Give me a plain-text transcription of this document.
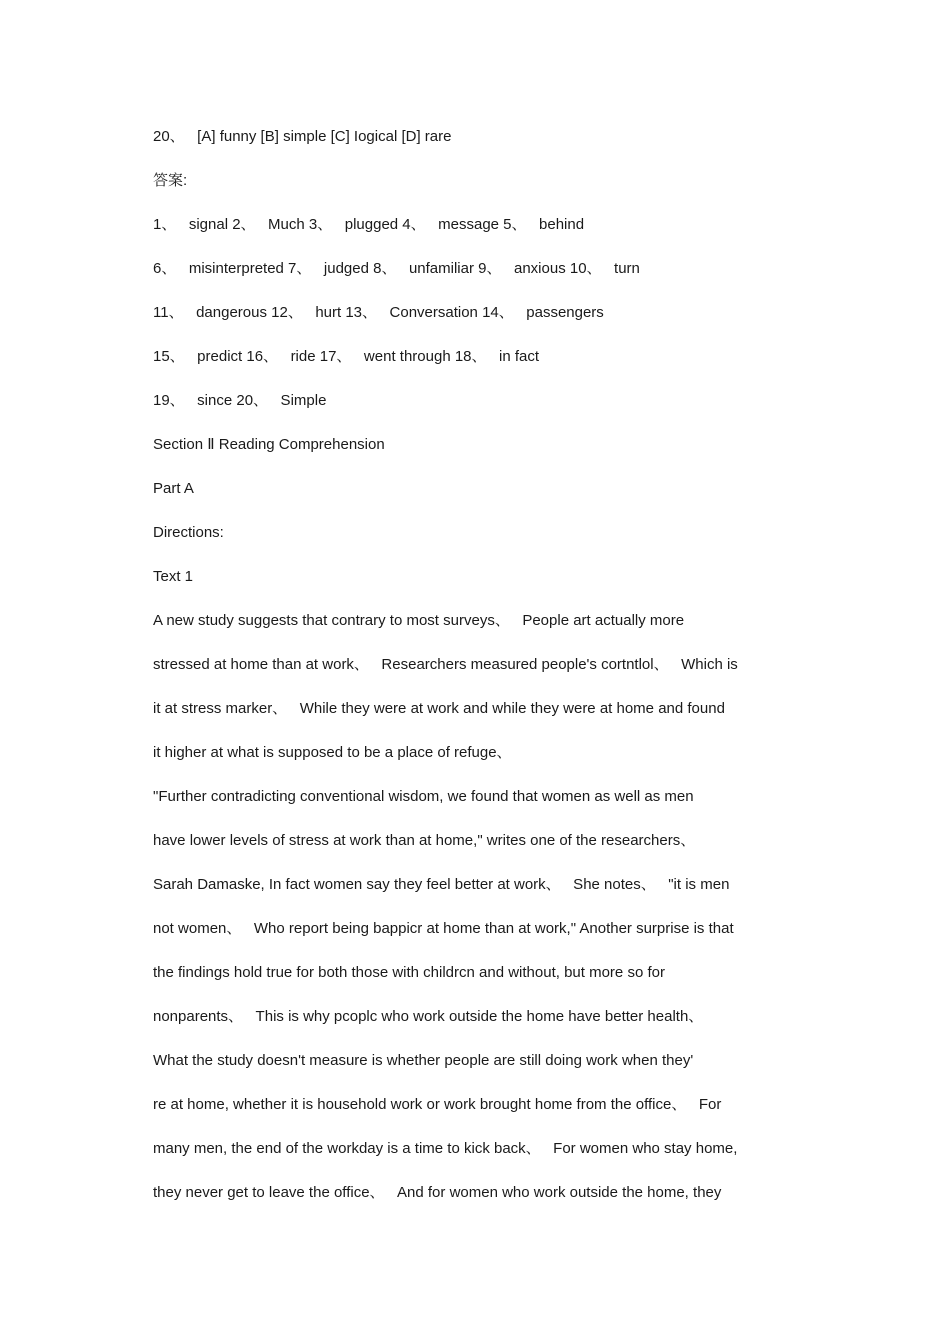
20、   [A] funny [B] simple [C] Iogical [D] rare
答案:
1、   signal 2、   Much 3、   plugged 4、   message 5、   behind
6、   misinterpreted 7、   judged 8、   unfamiliar 9、   anxious 10、   turn
11、   dangerous 12、   hurt 13、   Conversation 14、   passengers
15、   predict 16、   ride 17、   went through 18、   in fact
19、   since 20、   Simple
Section Ⅱ Reading Comprehension
Part A
Directions:
Text 1
A new study suggests that contrary to most surveys、   People art actually more
stressed at home than at work、   Researchers measured people's cortntlol、   Which is
it at stress marker、   While they were at work and while they were at home and found
it higher at what is supposed to be a place of refuge、
"Further contradicting conventional wisdom, we found that women as well as men
have lower levels of stress at work than at home," writes one of the researchers、
Sarah Damaske, In fact women say they feel better at work、   She notes、   "it is men
not women、   Who report being bappicr at home than at work," Another surprise is that
the findings hold true for both those with childrcn and without, but more so for
nonparents、   This is why pcoplc who work outside the home have better health、
What the study doesn't measure is whether people are still doing work when they'
re at home, whether it is household work or work brought home from the office、   For
many men, the end of the workday is a time to kick back、   For women who stay home,
they never get to leave the office、   And for women who work outside the home, they
